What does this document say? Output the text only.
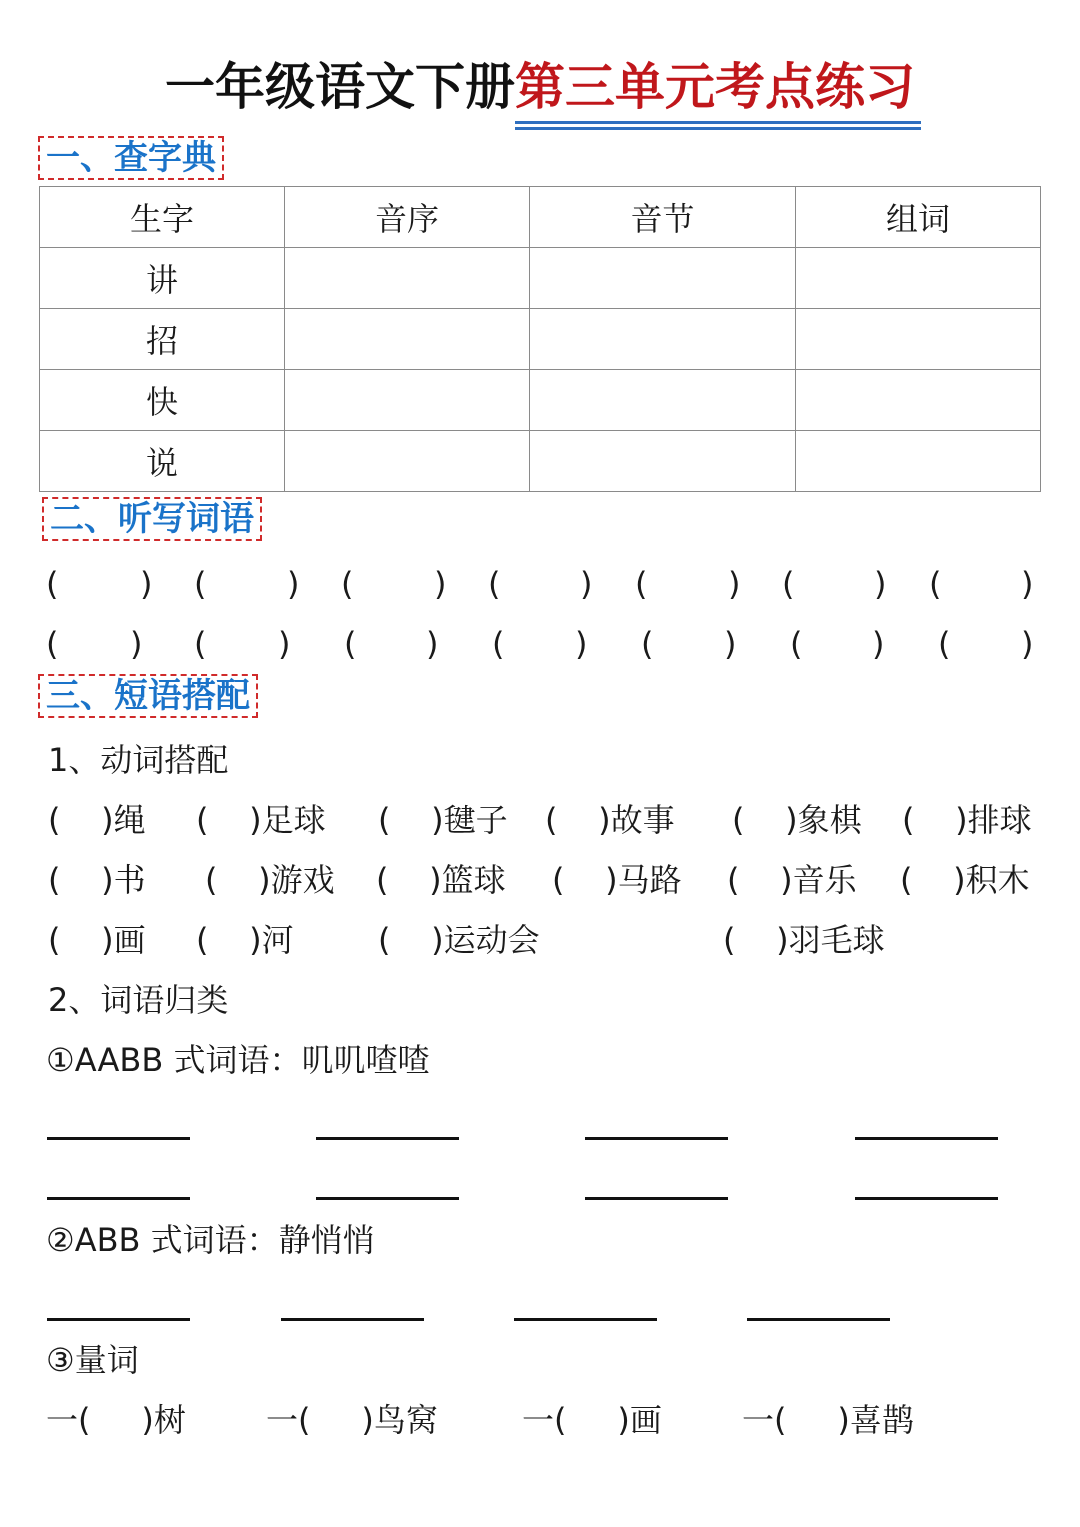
一年级语文下册第三单元考点练习
一、查字典
生字	音序	音节	组词
讲			
招			
快			
说			
二、听写词语
(	) (	) (	) ( ) (	) ( ) ( )
( ) ( ) ( ) ( ) ( ) ( ) ( )
三、短语搭配
1、动词搭配
(    )绳 (    )足球 (    )毽子 (    )故事 (    )象棋 (    )排球
(    )书 (    )游戏 (    )篮球 (    )马路 (    )音乐 (    )积木
(    )画 (    )河	(    )运动会	(    )羽毛球
2、词语归类
①AABB 式词语：叽叽喳喳
②ABB 式词语：静悄悄
③量词
一(     )树	一(     )鸟窝	一(     )画	一(     )喜鹊
